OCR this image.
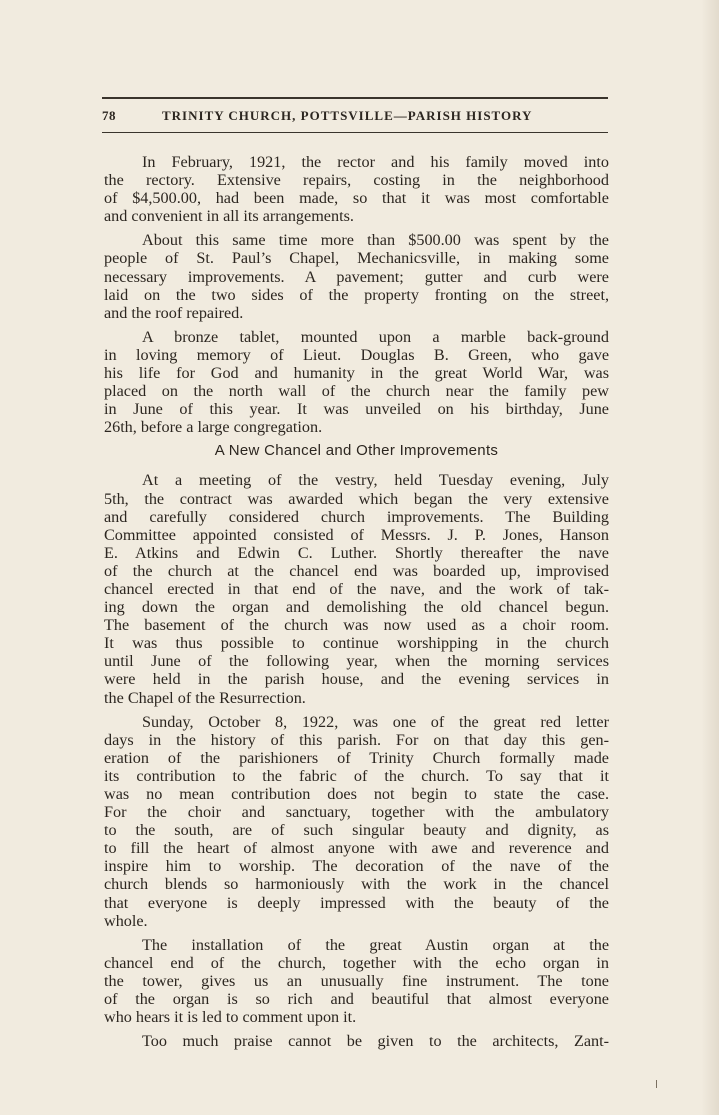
78	TRINITY CHURCH, POTTSVILLE—PARISH HISTORY
In February, 1921, the rector and his family moved into
the rectory. Extensive repairs, costing in the neighborhood
of $4,500.00, had been made, so that it was most comfortable
and convenient in all its arrangements.
About this same time more than $500.00 was spent by the
people of St. Paul’s Chapel, Mechanicsville, in making some
necessary improvements. A pavement; gutter and curb were
laid on the two sides of the property fronting on the street,
and the roof repaired.
A bronze tablet, mounted upon a marble back-ground
in loving memory of Lieut. Douglas B. Green, who gave
his life for God and humanity in the great World War, was
placed on the north wall of the church near the family pew
in June of this year. It was unveiled on his birthday, June
26th, before a large congregation.
A New Chancel and Other Improvements
At a meeting of the vestry, held Tuesday evening, July
5th, the contract was awarded which began the very extensive
and carefully considered church improvements. The Building
Committee appointed consisted of Messrs. J. P. Jones, Hanson
E. Atkins and Edwin C. Luther. Shortly thereafter the nave
of the church at the chancel end was boarded up, improvised
chancel erected in that end of the nave, and the work of tak-
ing down the organ and demolishing the old chancel begun.
The basement of the church was now used as a choir room.
It was thus possible to continue worshipping in the church
until June of the following year, when the morning services
were held in the parish house, and the evening services in
the Chapel of the Resurrection.
Sunday, October 8, 1922, was one of the great red letter
days in the history of this parish. For on that day this gen-
eration of the parishioners of Trinity Church formally made
its contribution to the fabric of the church. To say that it
was no mean contribution does not begin to state the case.
For the choir and sanctuary, together with the ambulatory
to the south, are of such singular beauty and dignity, as
to fill the heart of almost anyone with awe and reverence and
inspire him to worship. The decoration of the nave of the
church blends so harmoniously with the work in the chancel
that everyone is deeply impressed with the beauty of the
whole.
The installation of the great Austin organ at the
chancel end of the church, together with the echo organ in
the tower, gives us an unusually fine instrument. The tone
of the organ is so rich and beautiful that almost everyone
who hears it is led to comment upon it.
Too much praise cannot be given to the architects, Zant-
